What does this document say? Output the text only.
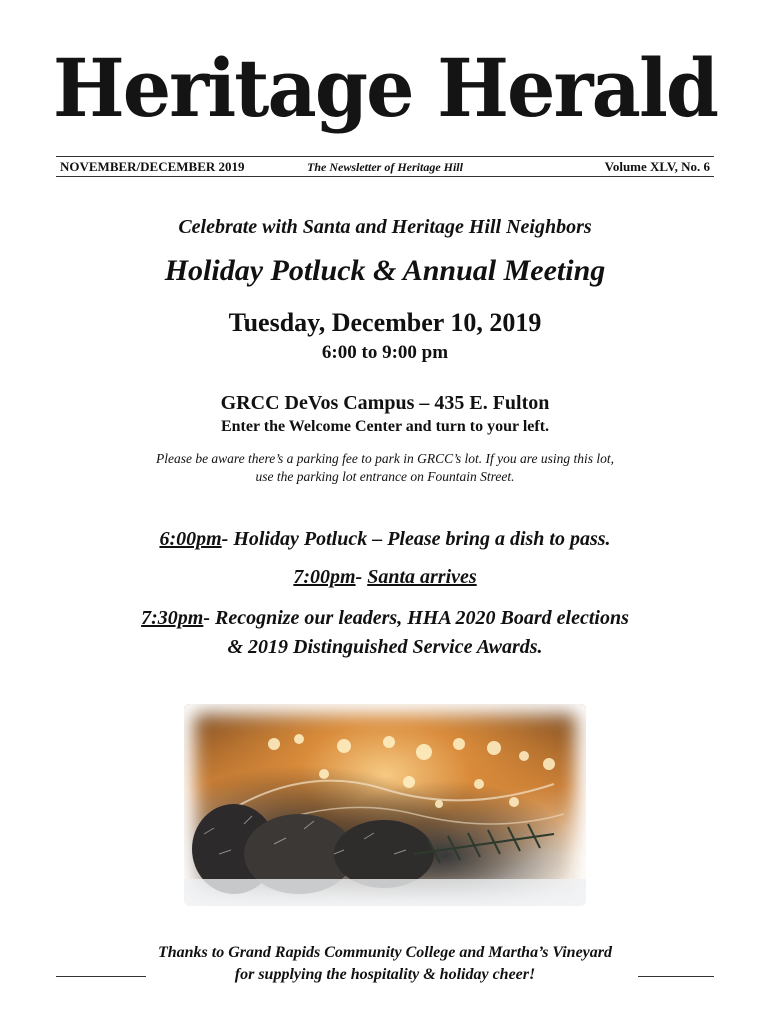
Heritage Herald
NOVEMBER/DECEMBER 2019	The Newsletter of Heritage Hill	Volume XLV, No. 6
Celebrate with Santa and Heritage Hill Neighbors
Holiday Potluck & Annual Meeting
Tuesday, December 10, 2019
6:00 to 9:00 pm
GRCC DeVos Campus – 435 E. Fulton
Enter the Welcome Center and turn to your left.
Please be aware there’s a parking fee to park in GRCC’s lot. If you are using this lot,
use the parking lot entrance on Fountain Street.
6:00pm- Holiday Potluck – Please bring a dish to pass.
7:00pm- Santa arrives
7:30pm- Recognize our leaders, HHA 2020 Board elections
& 2019 Distinguished Service Awards.
Thanks to Grand Rapids Community College and Martha’s Vineyard
for supplying the hospitality & holiday cheer!
